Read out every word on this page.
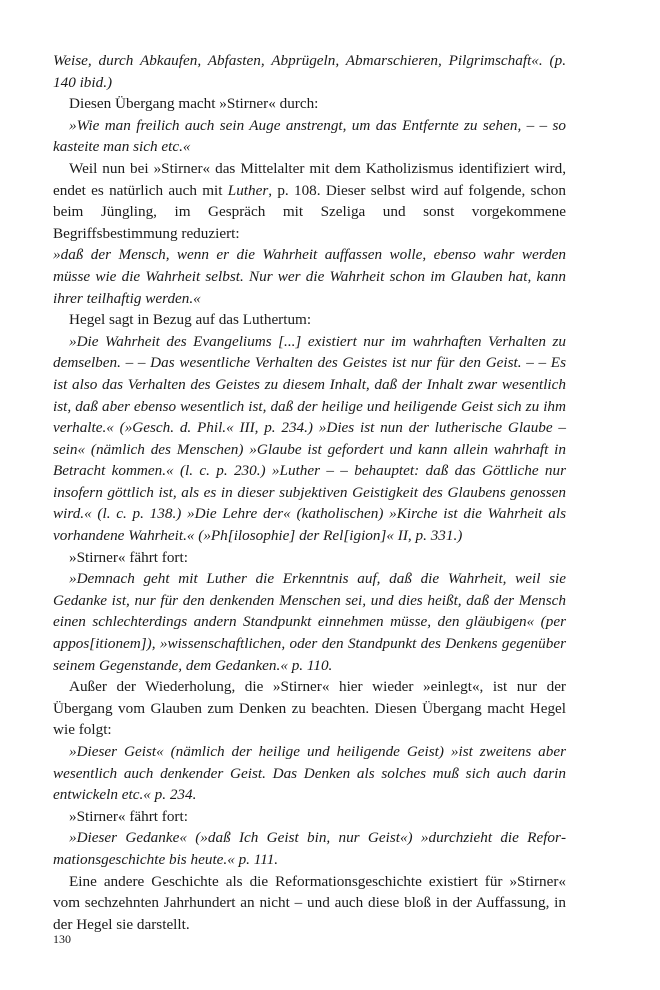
Weise, durch Abkaufen, Abfasten, Abprügeln, Abmarschieren, Pilgrimschaft«. (p. 140 ibid.)

Diesen Übergang macht »Stirner« durch:

»Wie man freilich auch sein Auge anstrengt, um das Entfernte zu sehen, – – so kasteite man sich etc.«

Weil nun bei »Stirner« das Mittelalter mit dem Katholizismus identifiziert wird, endet es natürlich auch mit Luther, p. 108. Dieser selbst wird auf folgende, schon beim Jüngling, im Gespräch mit Szeliga und sonst vorgekommene Begriffsbestimmung reduziert:

»daß der Mensch, wenn er die Wahrheit auffassen wolle, ebenso wahr werden müsse wie die Wahrheit selbst. Nur wer die Wahrheit schon im Glauben hat, kann ihrer teilhaftig werden.«

Hegel sagt in Bezug auf das Luthertum:

»Die Wahrheit des Evangeliums [...] existiert nur im wahrhaften Verhalten zu demselben. – – Das wesentliche Verhalten des Geistes ist nur für den Geist. – – Es ist also das Verhalten des Geistes zu diesem Inhalt, daß der Inhalt zwar wesentlich ist, daß aber ebenso wesentlich ist, daß der heilige und heiligende Geist sich zu ihm verhalte.« (»Gesch. d. Phil.« III, p. 234.) »Dies ist nun der lutherische Glaube – sein« (nämlich des Menschen) »Glaube ist gefordert und kann allein wahrhaft in Betracht kommen.« (l. c. p. 230.) »Luther – – behauptet: daß das Göttliche nur insofern göttlich ist, als es in dieser subjektiven Geistigkeit des Glaubens genossen wird.« (l. c. p. 138.) »Die Lehre der« (katholischen) »Kirche ist die Wahrheit als vorhandene Wahrheit.« (»Ph[ilosophie] der Rel[igion]« II, p. 331.)

»Stirner« fährt fort:

»Demnach geht mit Luther die Erkenntnis auf, daß die Wahrheit, weil sie Gedanke ist, nur für den denkenden Menschen sei, und dies heißt, daß der Mensch einen schlechterdings andern Standpunkt einnehmen müsse, den gläubigen« (per appos[itionem]), »wissenschaftlichen, oder den Standpunkt des Denkens gegenüber seinem Gegenstande, dem Gedanken.« p. 110.

Außer der Wiederholung, die »Stirner« hier wieder »einlegt«, ist nur der Übergang vom Glauben zum Denken zu beachten. Diesen Übergang macht Hegel wie folgt:

»Dieser Geist« (nämlich der heilige und heiligende Geist) »ist zweitens aber wesentlich auch denkender Geist. Das Denken als solches muß sich auch darin entwickeln etc.« p. 234.

»Stirner« fährt fort:

»Dieser Gedanke« (»daß Ich Geist bin, nur Geist«) »durchzieht die Reformationsgeschichte bis heute.« p. 111.

Eine andere Geschichte als die Reformationsgeschichte existiert für »Stirner« vom sechzehnten Jahrhundert an nicht – und auch diese bloß in der Auffassung, in der Hegel sie darstellt.

130
